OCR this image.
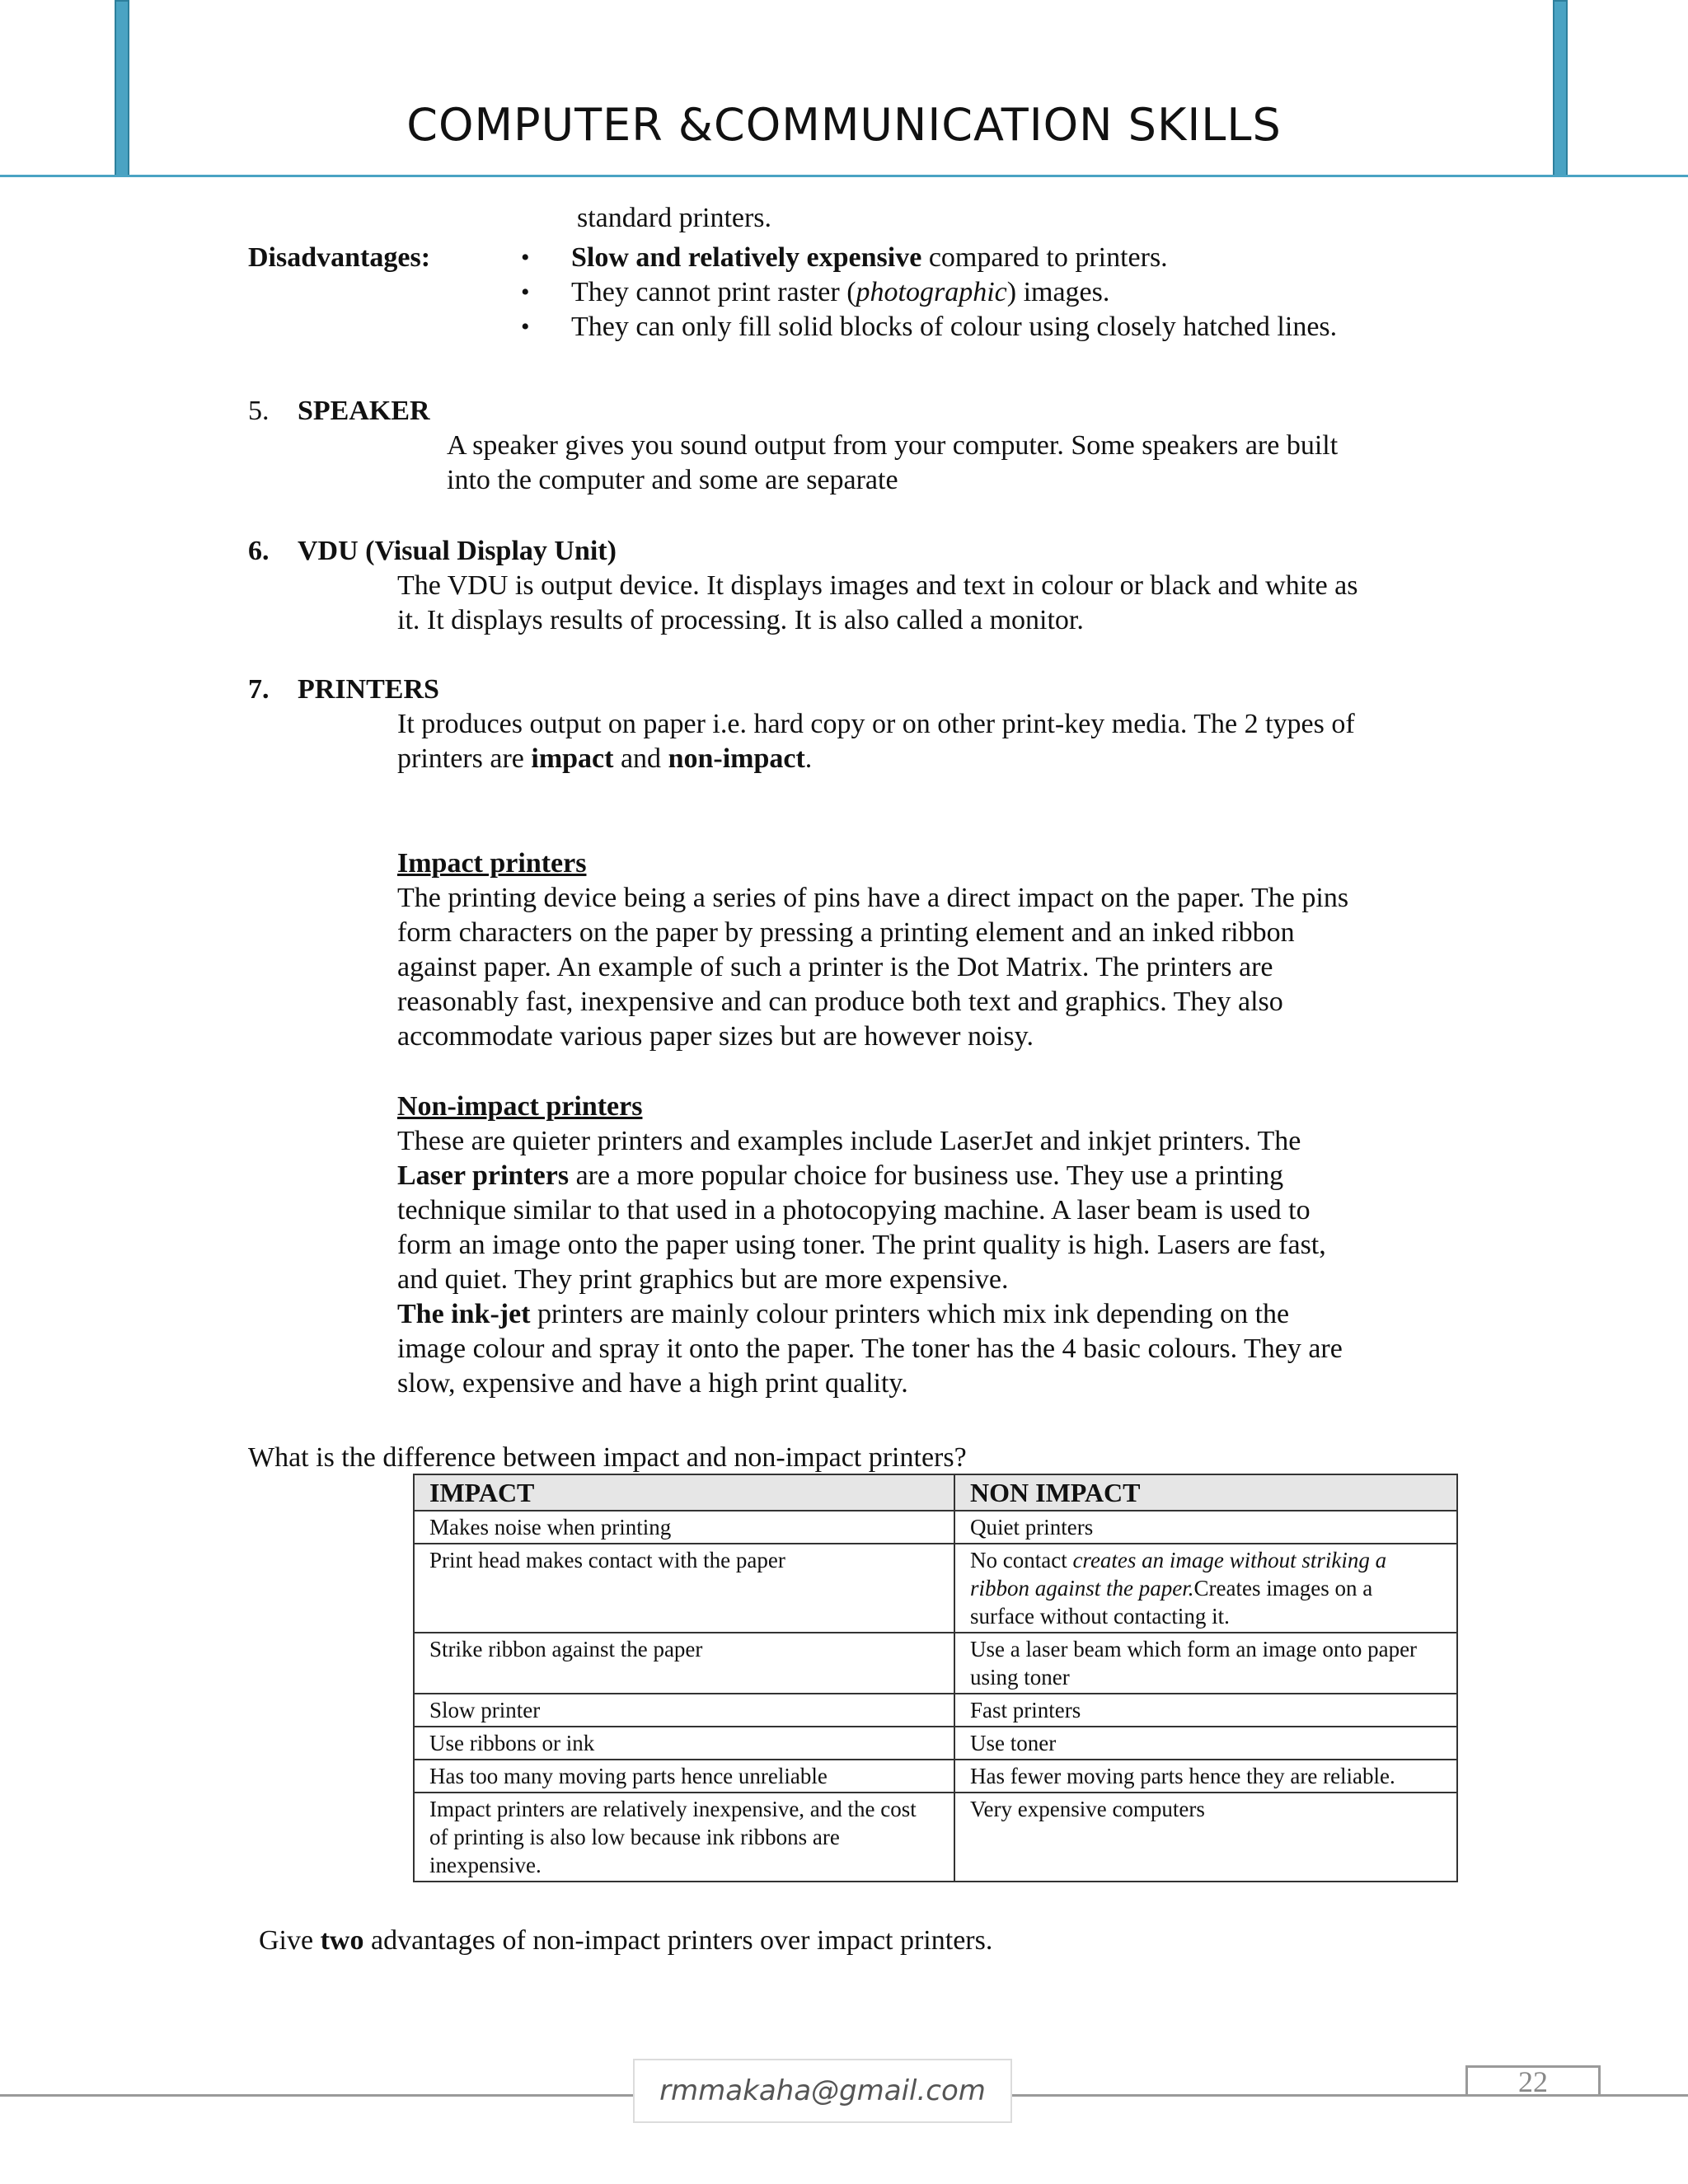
COMPUTER &COMMUNICATION SKILLS
standard printers.
Disadvantages:	• Slow and relatively expensive compared to printers.
• They cannot print raster (photographic) images.
• They can only fill solid blocks of colour using closely hatched lines.
5. SPEAKER
A speaker gives you sound output from your computer. Some speakers are built
into the computer and some are separate
6. VDU (Visual Display Unit)
The VDU is output device. It displays images and text in colour or black and white as
it. It displays results of processing. It is also called a monitor.
7. PRINTERS
It produces output on paper i.e. hard copy or on other print-key media. The 2 types of
printers are impact and non-impact.
Impact printers
The printing device being a series of pins have a direct impact on the paper. The pins
form characters on the paper by pressing a printing element and an inked ribbon
against paper. An example of such a printer is the Dot Matrix. The printers are
reasonably fast, inexpensive and can produce both text and graphics. They also
accommodate various paper sizes but are however noisy.
Non-impact printers
These are quieter printers and examples include LaserJet and inkjet printers. The
Laser printers are a more popular choice for business use. They use a printing
technique similar to that used in a photocopying machine. A laser beam is used to
form an image onto the paper using toner. The print quality is high. Lasers are fast,
and quiet. They print graphics but are more expensive.
The ink-jet printers are mainly colour printers which mix ink depending on the
image colour and spray it onto the paper. The toner has the 4 basic colours. They are
slow, expensive and have a high print quality.
What is the difference between impact and non-impact printers?
IMPACT	NON IMPACT
Makes noise when printing	Quiet printers
Print head makes contact with the paper	No contact creates an image without striking a ribbon against the paper.Creates images on a surface without contacting it.
Strike ribbon against the paper	Use a laser beam which form an image onto paper using toner
Slow printer	Fast printers
Use ribbons or ink	Use toner
Has too many moving parts hence unreliable	Has fewer moving parts hence they are reliable.
Impact printers are relatively inexpensive, and the cost of printing is also low because ink ribbons are inexpensive.	Very expensive computers
Give two advantages of non-impact printers over impact printers.
rmmakaha@gmail.com	22
